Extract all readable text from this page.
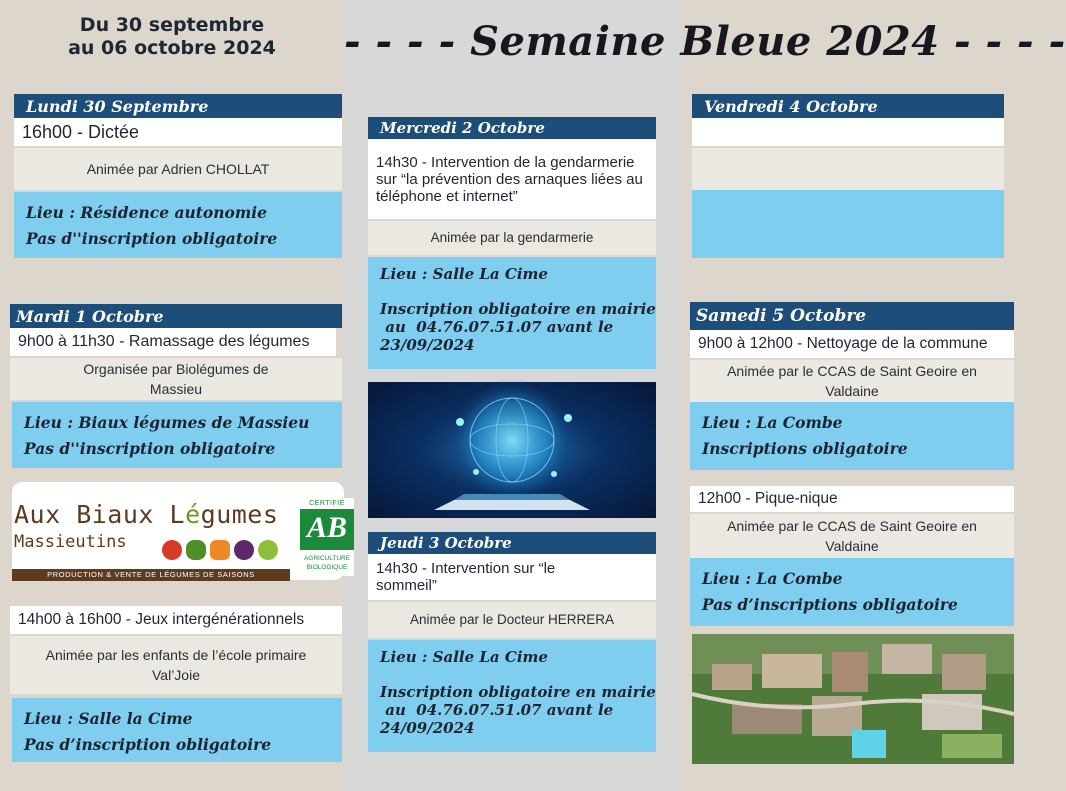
Du 30 septembre
au 06 octobre 2024	- - - - Semaine Bleue 2024 - - - -
Lundi 30 Septembre
16h00 - Dictée
Animée par Adrien CHOLLAT
Lieu : Résidence autonomie
Pas d''inscription obligatoire
Mardi 1 Octobre
9h00 à 11h30 - Ramassage des légumes
Organisée par Biolégumes de Massieu
Lieu : Biaux légumes de Massieu
Pas d''inscription obligatoire
Aux Biaux Légumes
Massieutins
PRODUCTION & VENTE DE LÉGUMES DE SAISONS
CERTIFIÉ
AB
AGRICULTURE
BIOLOGIQUE
14h00 à 16h00 - Jeux intergénérationnels
Animée par les enfants de l’école primaire Val’Joie
Lieu : Salle la Cime
Pas d’inscription obligatoire
Mercredi 2 Octobre
14h30 - Intervention de la gendarmerie sur “la prévention des arnaques liées au téléphone et internet”
Animée par la gendarmerie
Lieu : Salle La Cime
Inscription obligatoire en mairie
au  04.76.07.51.07 avant le
23/09/2024
Jeudi 3 Octobre
14h30 - Intervention sur “le sommeil”
Animée par le Docteur HERRERA
Lieu : Salle La Cime
Inscription obligatoire en mairie
au  04.76.07.51.07 avant le
24/09/2024
Vendredi 4 Octobre
Samedi 5 Octobre
9h00 à 12h00 - Nettoyage de la commune
Animée par le CCAS de Saint Geoire en Valdaine
Lieu : La Combe
Inscriptions obligatoire
12h00 - Pique-nique
Animée par le CCAS de Saint Geoire en Valdaine
Lieu : La Combe
Pas d’inscriptions obligatoire
